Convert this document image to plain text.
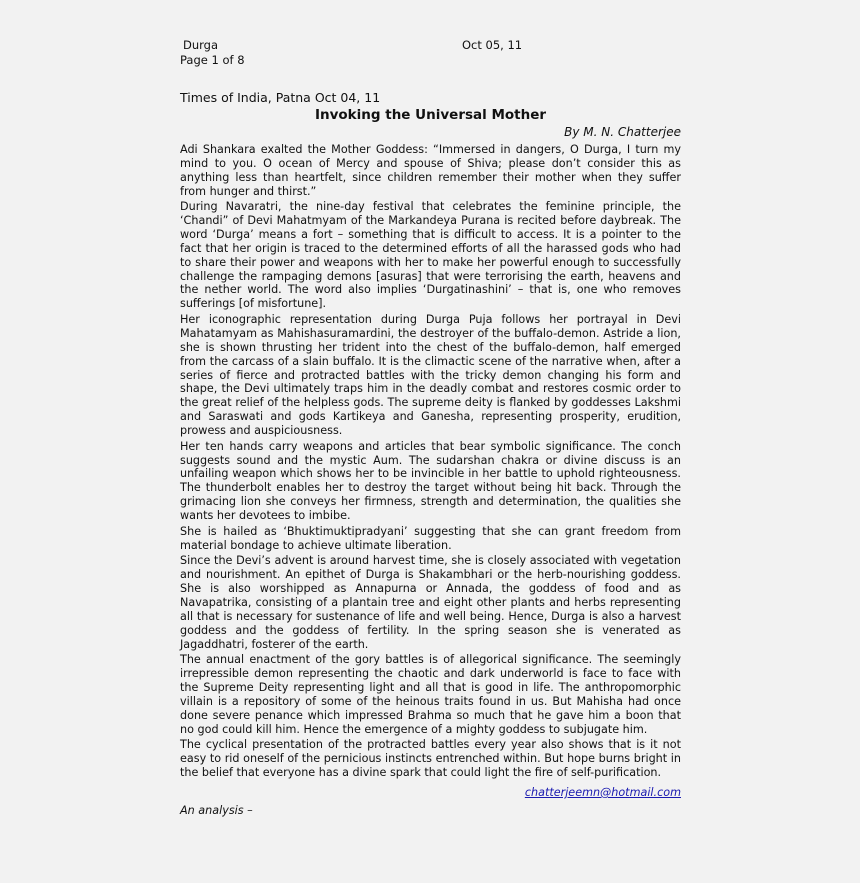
Durga
Page 1 of 8
Oct 05, 11
Times of India, Patna Oct 04, 11
Invoking the Universal Mother
By M. N. Chatterjee

Adi Shankara exalted the Mother Goddess: “Immersed in dangers, O Durga, I turn my mind to you. O ocean of Mercy and spouse of Shiva; please don’t consider this as anything less than heartfelt, since children remember their mother when they suffer from hunger and thirst.”

During Navaratri, the nine-day festival that celebrates the feminine principle, the ‘Chandi” of Devi Mahatmyam of the Markandeya Purana is recited before daybreak. The word ‘Durga’ means a fort – something that is difficult to access. It is a pointer to the fact that her origin is traced to the determined efforts of all the harassed gods who had to share their power and weapons with her to make her powerful enough to successfully challenge the rampaging demons [asuras] that were terrorising the earth, heavens and the nether world. The word also implies ‘Durgatinashini’ – that is, one who removes sufferings [of misfortune].

Her iconographic representation during Durga Puja follows her portrayal in Devi Mahatamyam as Mahishasuramardini, the destroyer of the buffalo-demon. Astride a lion, she is shown thrusting her trident into the chest of the buffalo-demon, half emerged from the carcass of a slain buffalo. It is the climactic scene of the narrative when, after a series of fierce and protracted battles with the tricky demon changing his form and shape, the Devi ultimately traps him in the deadly combat and restores cosmic order to the great relief of the helpless gods. The supreme deity is flanked by goddesses Lakshmi and Saraswati and gods Kartikeya and Ganesha, representing prosperity, erudition, prowess and auspiciousness.

Her ten hands carry weapons and articles that bear symbolic significance. The conch suggests sound and the mystic Aum. The sudarshan chakra or divine discuss is an unfailing weapon which shows her to be invincible in her battle to uphold righteousness. The thunderbolt enables her to destroy the target without being hit back. Through the grimacing lion she conveys her firmness, strength and determination, the qualities she wants her devotees to imbibe.

She is hailed as ‘Bhuktimuktipradyani’ suggesting that she can grant freedom from material bondage to achieve ultimate liberation.

Since the Devi’s advent is around harvest time, she is closely associated with vegetation and nourishment. An epithet of Durga is Shakambhari or the herb-nourishing goddess. She is also worshipped as Annapurna or Annada, the goddess of food and as Navapatrika, consisting of a plantain tree and eight other plants and herbs representing all that is necessary for sustenance of life and well being. Hence, Durga is also a harvest goddess and the goddess of fertility. In the spring season she is venerated as Jagaddhatri, fosterer of the earth.

The annual enactment of the gory battles is of allegorical significance. The seemingly irrepressible demon representing the chaotic and dark underworld is face to face with the Supreme Deity representing light and all that is good in life. The anthropomorphic villain is a repository of some of the heinous traits found in us. But Mahisha had once done severe penance which impressed Brahma so much that he gave him a boon that no god could kill him. Hence the emergence of a mighty goddess to subjugate him.

The cyclical presentation of the protracted battles every year also shows that is it not easy to rid oneself of the pernicious instincts entrenched within. But hope burns bright in the belief that everyone has a divine spark that could light the fire of self-purification.

chatterjeemn@hotmail.com
An analysis –
